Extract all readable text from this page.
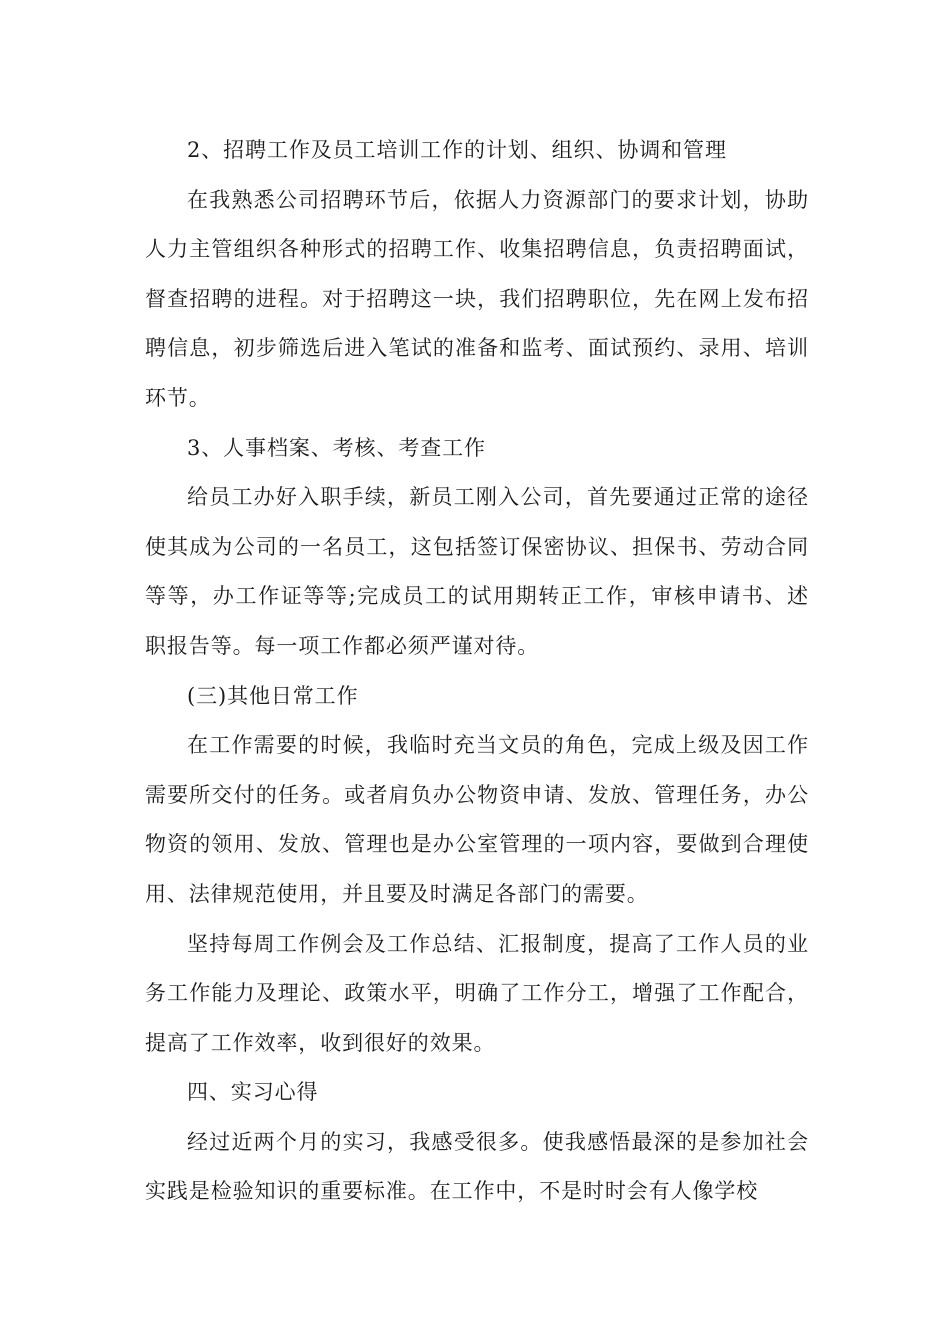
2、招聘工作及员工培训工作的计划、组织、协调和管理

在我熟悉公司招聘环节后，依据人力资源部门的要求计划，协助人力主管组织各种形式的招聘工作、收集招聘信息，负责招聘面试，督查招聘的进程。对于招聘这一块，我们招聘职位，先在网上发布招聘信息，初步筛选后进入笔试的准备和监考、面试预约、录用、培训环节。

3、人事档案、考核、考查工作

给员工办好入职手续，新员工刚入公司，首先要通过正常的途径使其成为公司的一名员工，这包括签订保密协议、担保书、劳动合同等等，办工作证等等;完成员工的试用期转正工作，审核申请书、述职报告等。每一项工作都必须严谨对待。

(三)其他日常工作

在工作需要的时候，我临时充当文员的角色，完成上级及因工作需要所交付的任务。或者肩负办公物资申请、发放、管理任务，办公物资的领用、发放、管理也是办公室管理的一项内容，要做到合理使用、法律规范使用，并且要及时满足各部门的需要。

坚持每周工作例会及工作总结、汇报制度，提高了工作人员的业务工作能力及理论、政策水平，明确了工作分工，增强了工作配合，提高了工作效率，收到很好的效果。

四、实习心得

经过近两个月的实习，我感受很多。使我感悟最深的是参加社会实践是检验知识的重要标准。在工作中，不是时时会有人像学校
